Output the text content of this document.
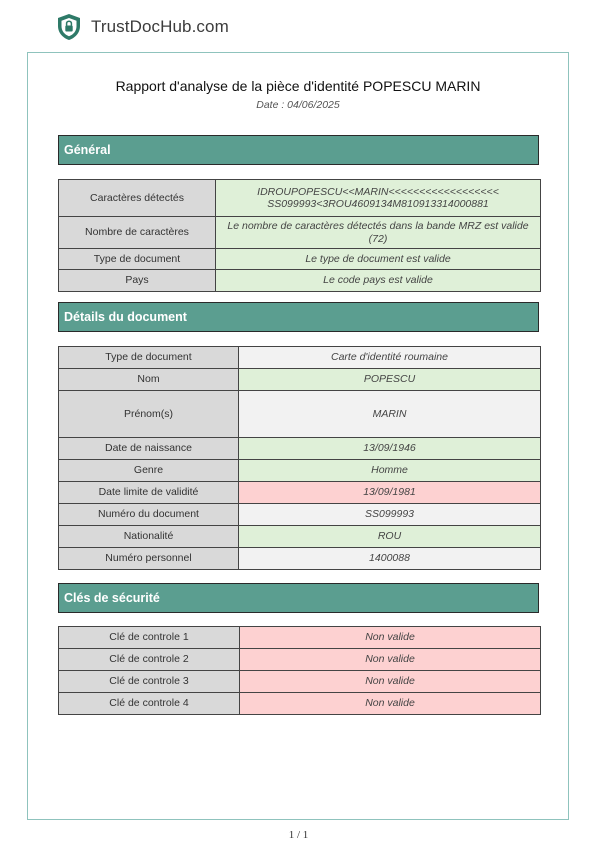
TrustDocHub.com
Rapport d'analyse de la pièce d'identité POPESCU MARIN
Date : 04/06/2025
Général
Caractères détectés	IDROUPOPESCU<<MARIN<<<<<<<<<<<<<<<<<<
SS099993<3ROU4609134M810913314000881
Nombre de caractères	Le nombre de caractères détectés dans la bande MRZ est valide (72)
Type de document	Le type de document est valide
Pays	Le code pays est valide
Détails du document
Type de document	Carte d'identité roumaine
Nom	POPESCU
Prénom(s)	MARIN
Date de naissance	13/09/1946
Genre	Homme
Date limite de validité	13/09/1981
Numéro du document	SS099993
Nationalité	ROU
Numéro personnel	1400088
Clés de sécurité
Clé de controle 1	Non valide
Clé de controle 2	Non valide
Clé de controle 3	Non valide
Clé de controle 4	Non valide
1 / 1
